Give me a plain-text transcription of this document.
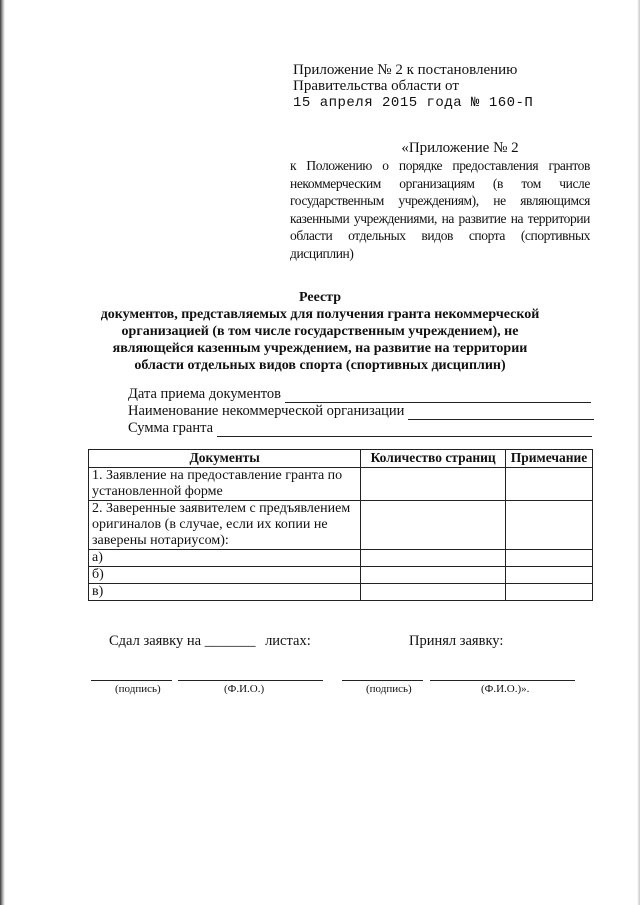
Приложение № 2 к постановлению
Правительства области от
15 апреля 2015 года № 160-П
«Приложение № 2
к Положению о порядке предоставления грантов некоммерческим организациям (в том числе государственным учреждениям), не являющимся казенными учреждениями, на развитие на территории области отдельных видов спорта (спортивных дисциплин)
Реестр
документов, представляемых для получения гранта некоммерческой организацией (в том числе государственным учреждением), не являющейся казенным учреждением, на развитие на территории области отдельных видов спорта (спортивных дисциплин)
Дата приема документов
Наименование некоммерческой организации
Сумма гранта
Документы	Количество страниц	Примечание
1. Заявление на предоставление гранта по установленной форме		
2. Заверенные заявителем с предъявлением оригиналов (в случае, если их копии не заверены нотариусом):		
а)		
б)		
в)		
Сдал заявку на _______ листах:	Принял заявку:
(подпись)	(Ф.И.О.)	(подпись)	(Ф.И.О.)».
